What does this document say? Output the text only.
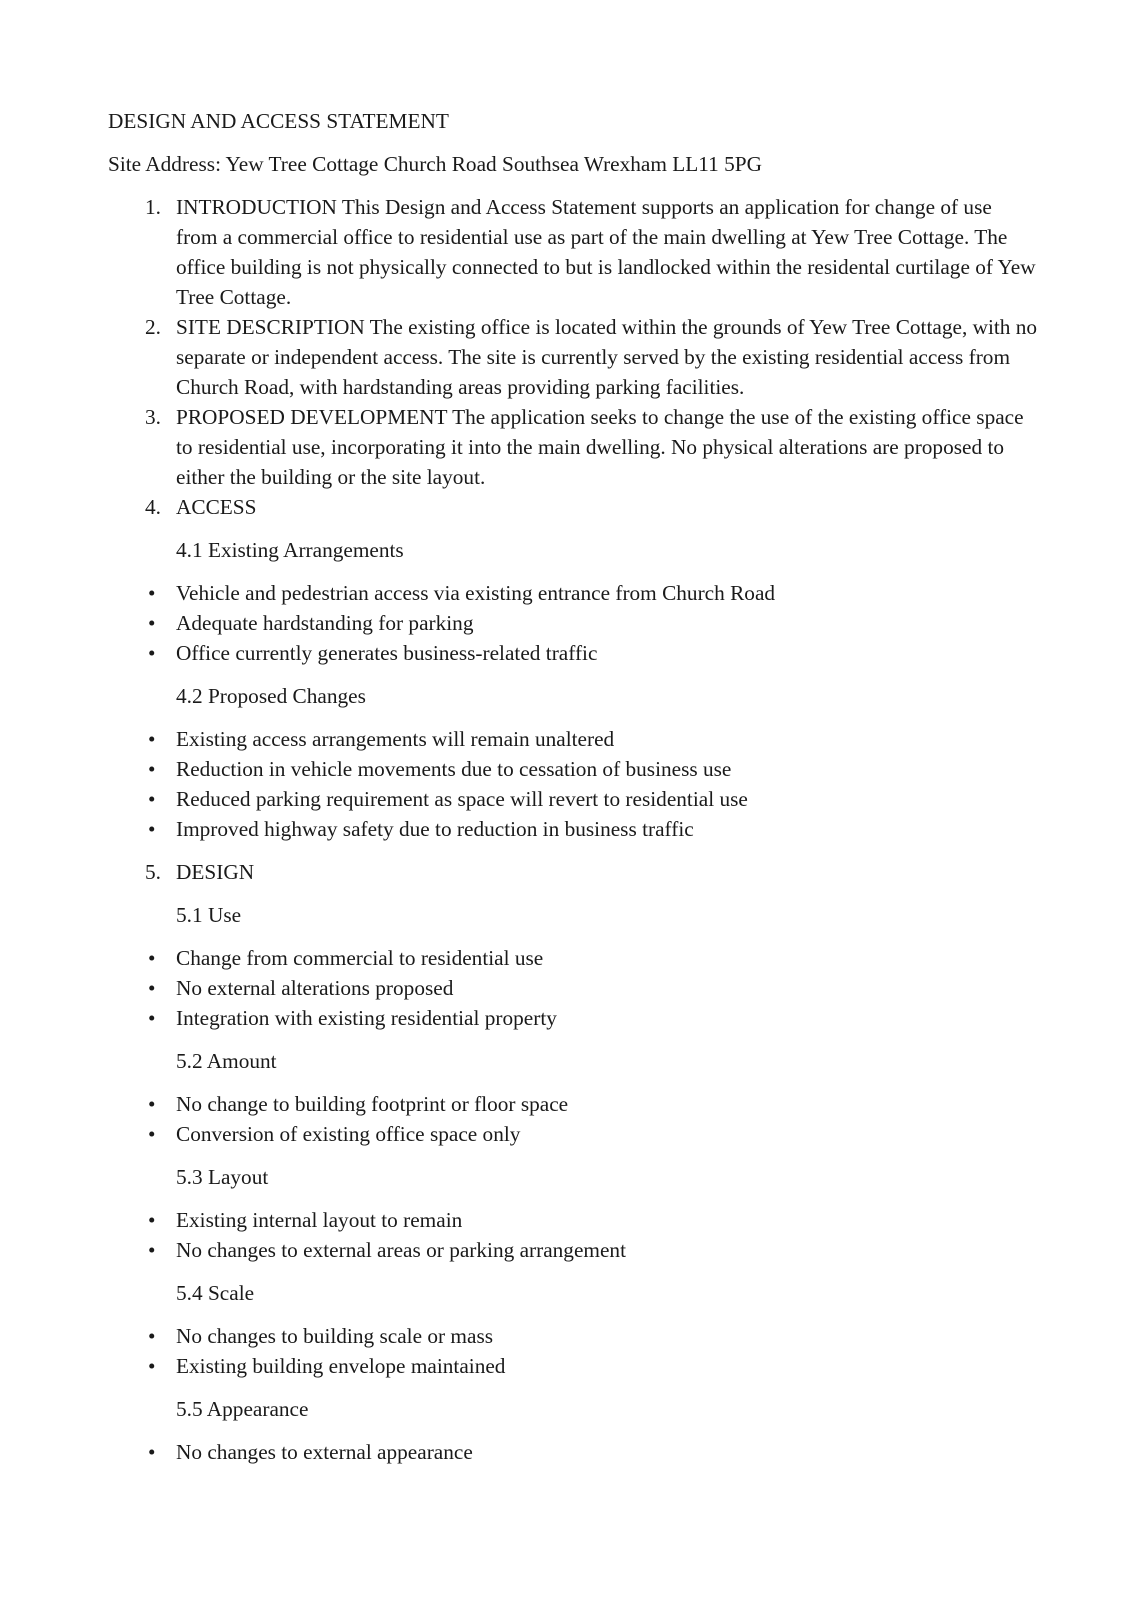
DESIGN AND ACCESS STATEMENT

Site Address: Yew Tree Cottage Church Road Southsea Wrexham LL11 5PG

1. INTRODUCTION This Design and Access Statement supports an application for change of use from a commercial office to residential use as part of the main dwelling at Yew Tree Cottage. The office building is not physically connected to but is landlocked within the residental curtilage of Yew Tree Cottage.
2. SITE DESCRIPTION The existing office is located within the grounds of Yew Tree Cottage, with no separate or independent access. The site is currently served by the existing residential access from Church Road, with hardstanding areas providing parking facilities.
3. PROPOSED DEVELOPMENT The application seeks to change the use of the existing office space to residential use, incorporating it into the main dwelling. No physical alterations are proposed to either the building or the site layout.
4. ACCESS

4.1 Existing Arrangements

• Vehicle and pedestrian access via existing entrance from Church Road
• Adequate hardstanding for parking
• Office currently generates business-related traffic

4.2 Proposed Changes

• Existing access arrangements will remain unaltered
• Reduction in vehicle movements due to cessation of business use
• Reduced parking requirement as space will revert to residential use
• Improved highway safety due to reduction in business traffic
5. DESIGN

5.1 Use

• Change from commercial to residential use
• No external alterations proposed
• Integration with existing residential property

5.2 Amount

• No change to building footprint or floor space
• Conversion of existing office space only

5.3 Layout

• Existing internal layout to remain
• No changes to external areas or parking arrangement

5.4 Scale

• No changes to building scale or mass
• Existing building envelope maintained

5.5 Appearance

• No changes to external appearance
